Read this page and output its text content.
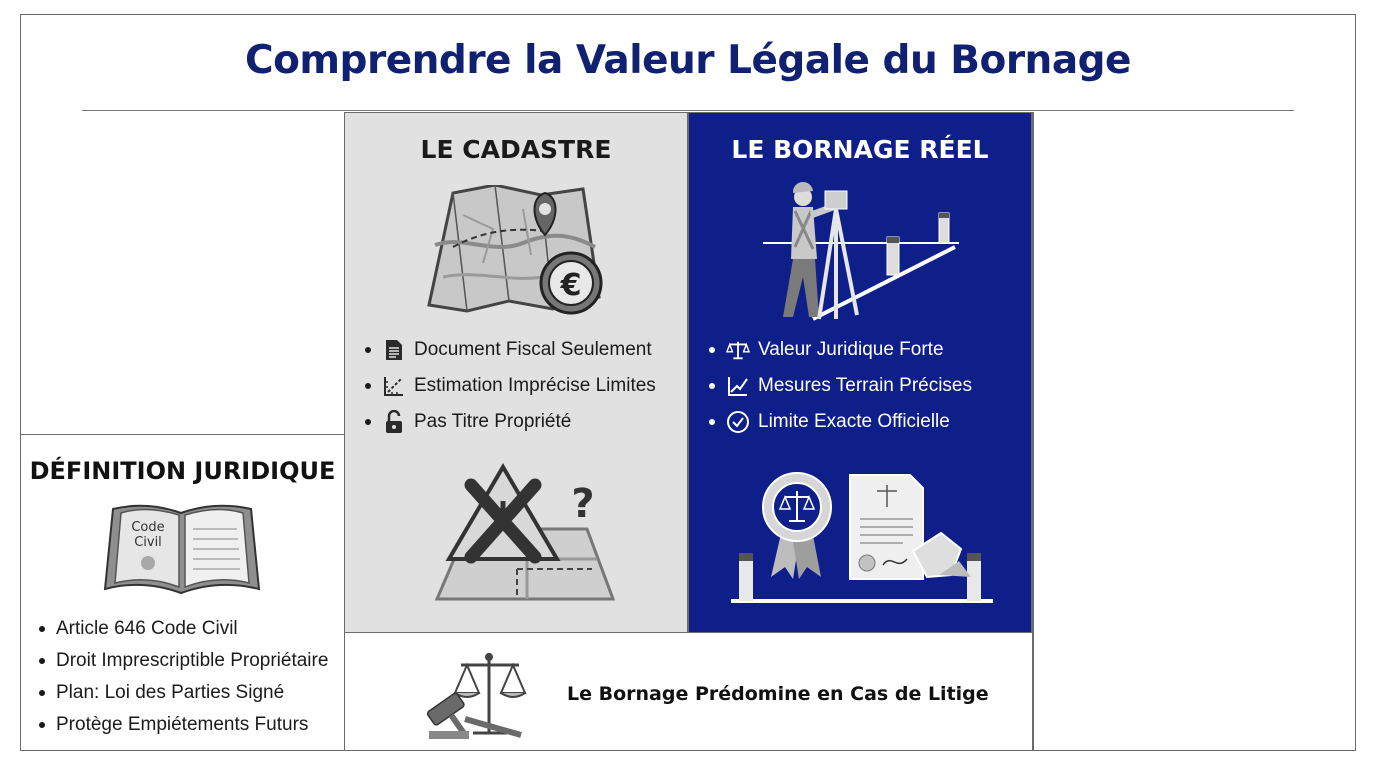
Comprendre la Valeur Légale du Bornage
LE CADASTRE
€
Document Fiscal Seulement
Estimation Imprécise Limites
Pas Titre Propriété
?
LE BORNAGE RÉEL
Valeur Juridique Forte
Mesures Terrain Précises
Limite Exacte Officielle
DÉFINITION JURIDIQUE
Code
Civil
Article 646 Code Civil
Droit Imprescriptible Propriétaire
Plan: Loi des Parties Signé
Protège Empiétements Futurs
Le Bornage Prédomine en Cas de Litige
